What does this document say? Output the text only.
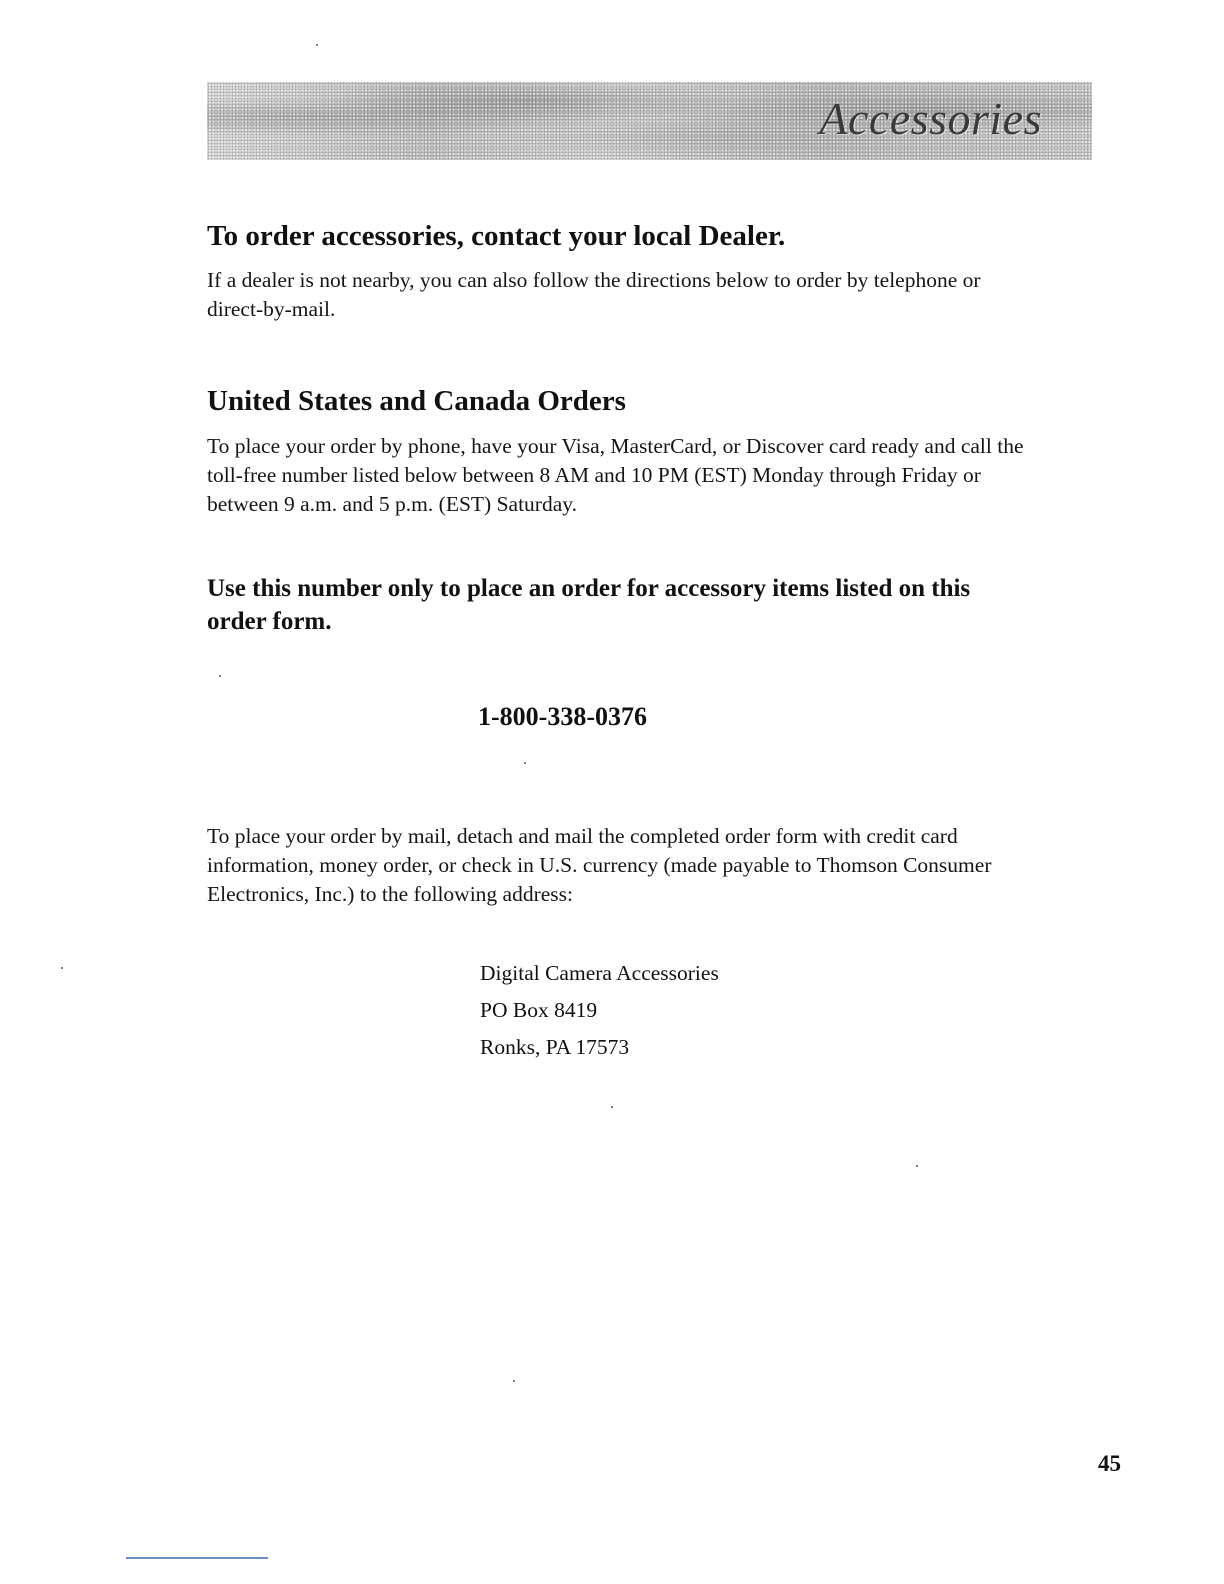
Accessories
To order accessories, contact your local Dealer.

If a dealer is not nearby, you can also follow the directions below to order by telephone or direct-by-mail.

United States and Canada Orders

To place your order by phone, have your Visa, MasterCard, or Discover card ready and call the toll-free number listed below between 8 AM and 10 PM (EST) Monday through Friday or between 9 a.m. and 5 p.m. (EST) Saturday.

Use this number only to place an order for accessory items listed on this order form.

1-800-338-0376

To place your order by mail, detach and mail the completed order form with credit card information, money order, or check in U.S. currency (made payable to Thomson Consumer Electronics, Inc.) to the following address:

Digital Camera Accessories
PO Box 8419
Ronks, PA 17573
45
